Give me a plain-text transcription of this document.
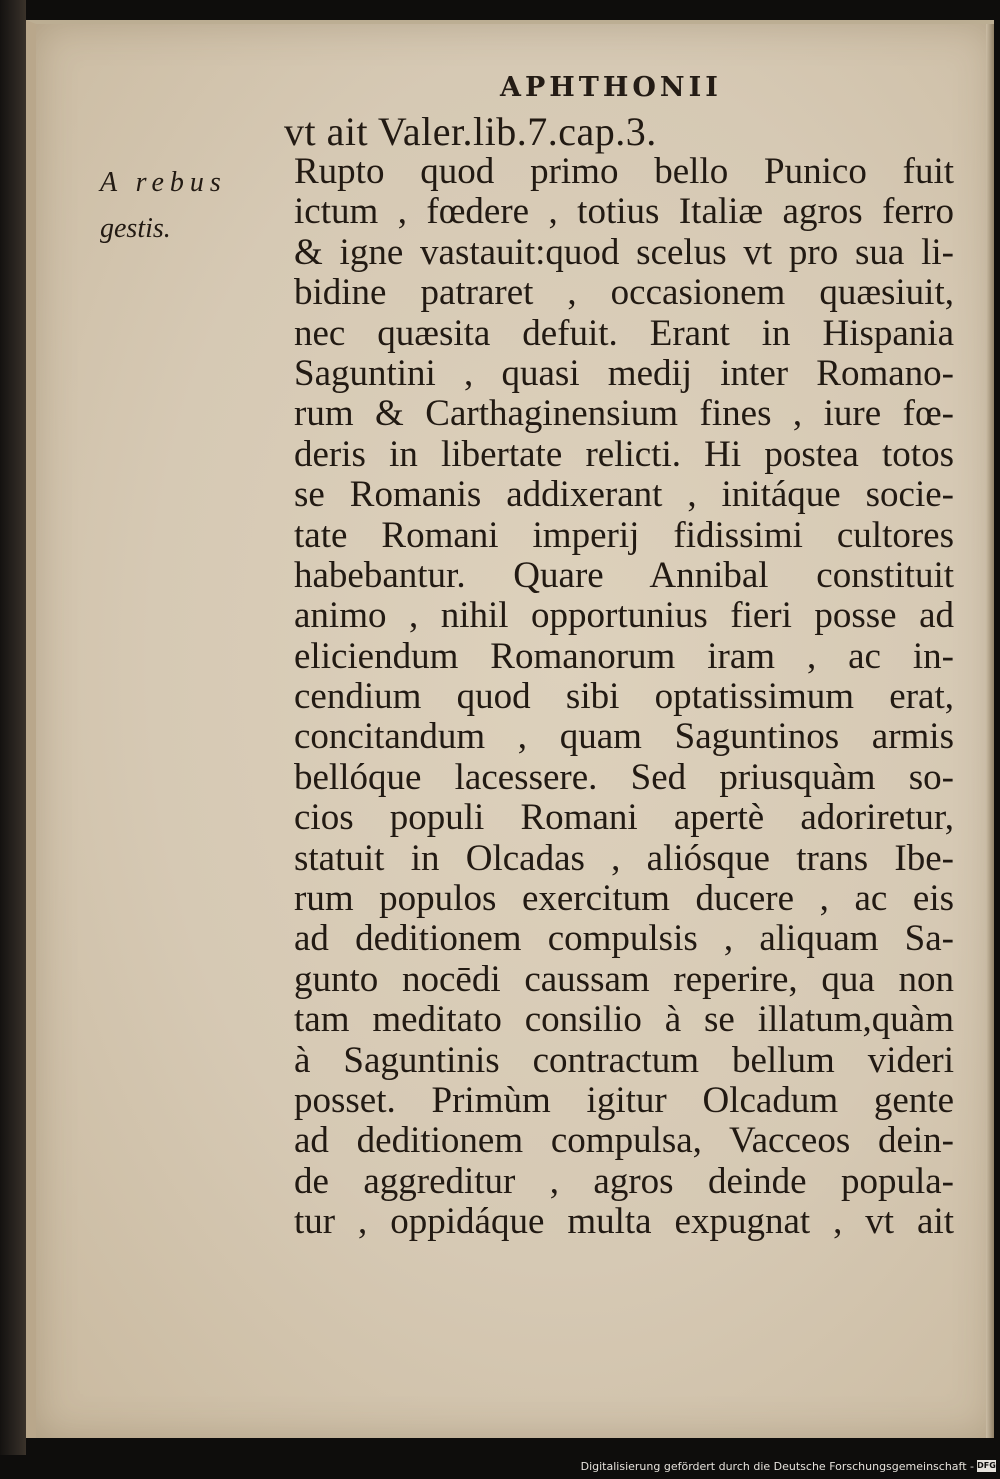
APHTHONII
vt ait Valer.lib.7.cap.3.
A rebus
gestis.
Rupto quod primo bello Punico fuit
ictum , fœdere , totius Italiæ agros ferro
& igne vastauit:quod scelus vt pro sua li-
bidine patraret , occasionem quæsiuit,
nec quæsita defuit. Erant in Hispania
Saguntini , quasi medij inter Romano-
rum & Carthaginensium fines , iure fœ-
deris in libertate relicti. Hi postea totos
se Romanis addixerant , initáque socie-
tate Romani imperij fidissimi cultores
habebantur. Quare Annibal constituit
animo , nihil opportunius fieri posse ad
eliciendum Romanorum iram , ac in-
cendium quod sibi optatissimum erat,
concitandum , quam Saguntinos armis
bellóque lacessere. Sed priusquàm so-
cios populi Romani apertè adoriretur,
statuit in Olcadas , aliósque trans Ibe-
rum populos exercitum ducere , ac eis
ad deditionem compulsis , aliquam Sa-
gunto nocēdi caussam reperire, qua non
tam meditato consilio à se illatum,quàm
à Saguntinis contractum bellum videri
posset. Primùm igitur Olcadum gente
ad deditionem compulsa, Vacceos dein-
de aggreditur , agros deinde popula-
tur , oppidáque multa expugnat , vt ait
Digitalisierung gefördert durch die Deutsche Forschungsgemeinschaft - DFG
